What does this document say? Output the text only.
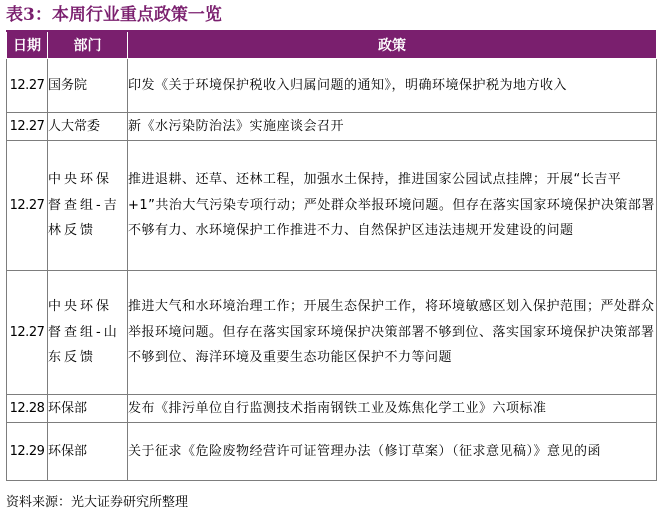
表3：本周行业重点政策一览
日期	部门	政策
12.27	国务院	印发《关于环境保护税收入归属问题的通知》，明确环境保护税为地方收入
12.27	人大常委	新《水污染防治法》实施座谈会召开
12.27	中央环保督查组-吉林反馈	推进退耕、还草、还林工程，加强水土保持，推进国家公园试点挂牌；开展“长吉平+1”共治大气污染专项行动；严处群众举报环境问题。但存在落实国家环境保护决策部署不够有力、水环境保护工作推进不力、自然保护区违法违规开发建设的问题
12.27	中央环保督查组-山东反馈	推进大气和水环境治理工作；开展生态保护工作，将环境敏感区划入保护范围；严处群众举报环境问题。但存在落实国家环境保护决策部署不够到位、落实国家环境保护决策部署不够到位、海洋环境及重要生态功能区保护不力等问题
12.28	环保部	发布《排污单位自行监测技术指南钢铁工业及炼焦化学工业》六项标准
12.29	环保部	关于征求《危险废物经营许可证管理办法（修订草案）（征求意见稿）》意见的函
资料来源：光大证券研究所整理
